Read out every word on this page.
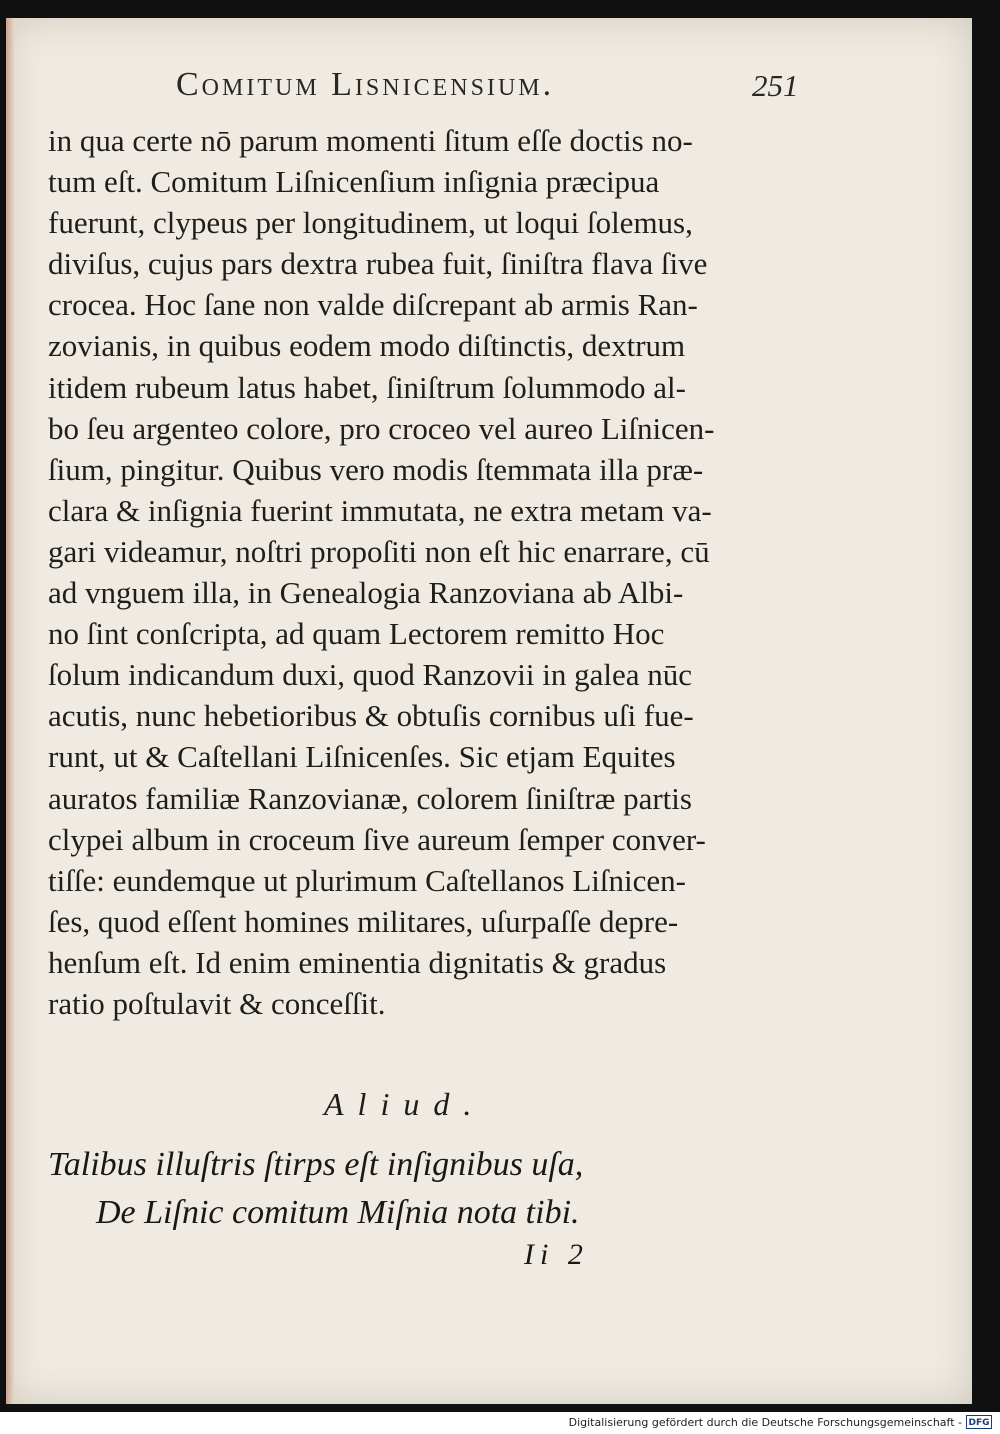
Comitum Lisnicensium.	251
in qua certe nō parum momenti ſitum eſſe doctis no-
tum eſt. Comitum Liſnicenſium inſignia præcipua
fuerunt, clypeus per longitudinem, ut loqui ſolemus,
diviſus, cujus pars dextra rubea fuit, ſiniſtra flava ſive
crocea. Hoc ſane non valde diſcrepant ab armis Ran-
zovianis, in quibus eodem modo diſtinctis, dextrum
itidem rubeum latus habet, ſiniſtrum ſolummodo al-
bo ſeu argenteo colore, pro croceo vel aureo Liſnicen-
ſium, pingitur. Quibus vero modis ſtemmata illa præ-
clara & inſignia fuerint immutata, ne extra metam va-
gari videamur, noſtri propoſiti non eſt hic enarrare, cū
ad vnguem illa, in Genealogia Ranzoviana ab Albi-
no ſint conſcripta, ad quam Lectorem remitto Hoc
ſolum indicandum duxi, quod Ranzovii in galea nūc
acutis, nunc hebetioribus & obtuſis cornibus uſi fue-
runt, ut & Caſtellani Liſnicenſes. Sic etjam Equites
auratos familiæ Ranzovianæ, colorem ſiniſtræ partis
clypei album in croceum ſive aureum ſemper conver-
tiſſe: eundemque ut plurimum Caſtellanos Liſnicen-
ſes, quod eſſent homines militares, uſurpaſſe depre-
henſum eſt. Id enim eminentia dignitatis & gradus
ratio poſtulavit & conceſſit.
Aliud.
Talibus illuſtris ſtirps eſt inſignibus uſa,
De Liſnic comitum Miſnia nota tibi.
Ii 2
Digitalisierung gefördert durch die Deutsche Forschungsgemeinschaft - DFG
